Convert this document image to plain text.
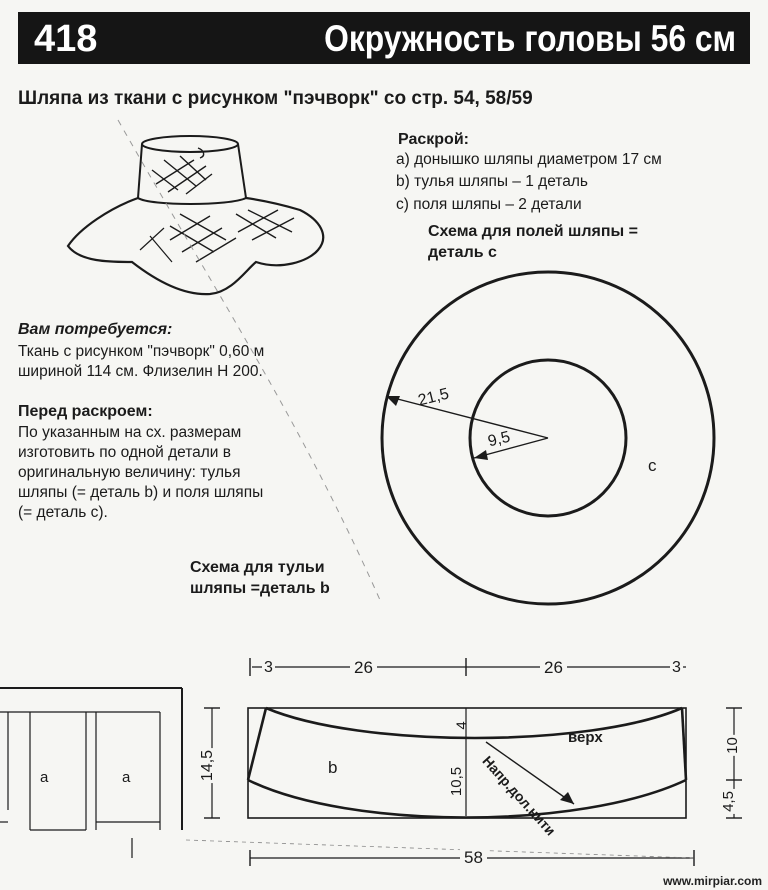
418	Окружность головы 56 см
Шляпа из ткани с рисунком "пэчворк" со стр. 54, 58/59
Раскрой:
а) донышко шляпы диаметром 17 см
b) тулья шляпы – 1 деталь
c) поля шляпы – 2 детали
Схема для полей шляпы =
деталь с
Вам потребуется:
Ткань с рисунком "пэчворк" 0,60 м
шириной 114 см. Флизелин Н 200.
Перед раскроем:
По указанным на сх. размерам
изготовить по одной детали в
оригинальную величину: тулья
шляпы (= деталь b) и поля шляпы
(= деталь c).
Схема для тульи
шляпы =деталь b
21,5
9,5
с
3	26	26	3
14,5
4
10,5
10
4,5
58
Напр.дол.нити
верх
b
а	а
www.mirpiar.com
